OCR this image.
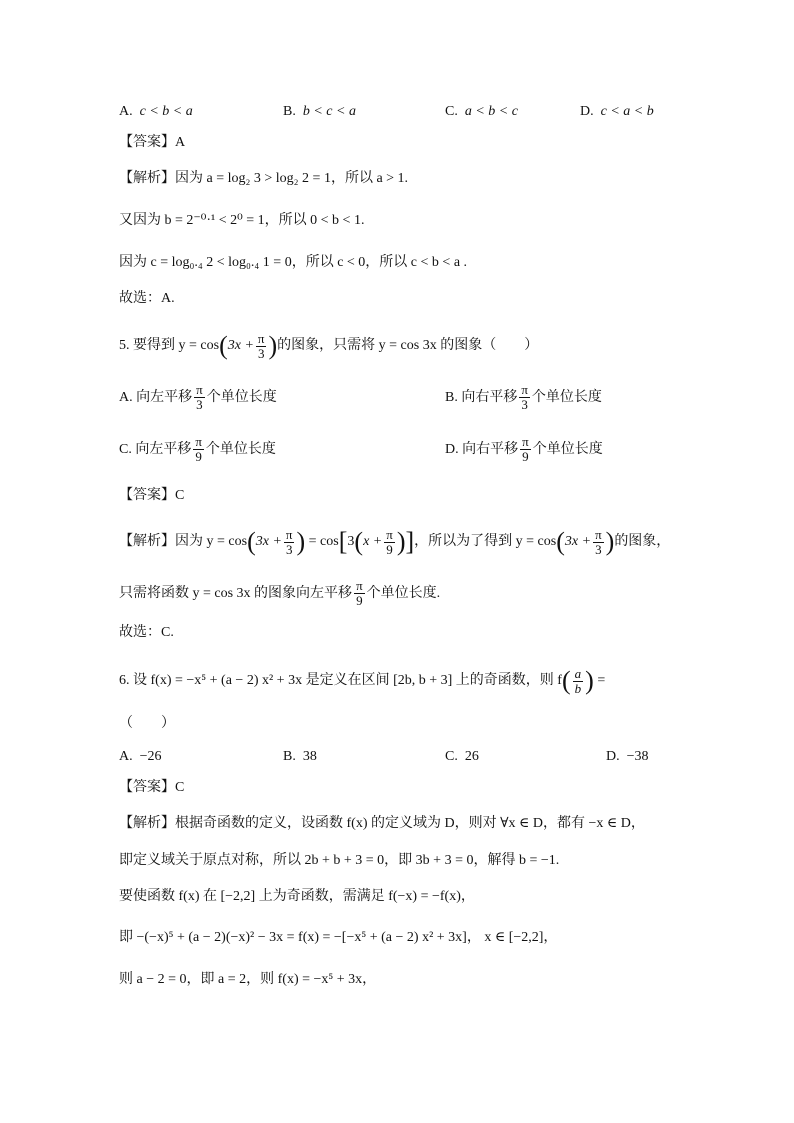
A. c < b < a	B. b < c < a	C. a < b < c	D. c < a < b
【答案】A
【解析】因为 a = log₂ 3 > log₂ 2 = 1，所以 a > 1.
又因为 b = 2⁻⁰·¹ < 2⁰ = 1，所以 0 < b < 1.
因为 c = log₀.₄ 2 < log₀.₄ 1 = 0，所以 c < 0，所以 c < b < a .
故选：A.
5. 要得到 $y = \cos(3x + \frac{\pi}{3}$ )的图象，只需将 y = cos 3x 的图象（　　）
A. 向左平移 $\frac{\pi}{3}$ 个单位长度	B. 向右平移 $\frac{\pi}{3}$ 个单位长度
C. 向左平移 $\frac{\pi}{9}$ 个单位长度	D. 向右平移 $\frac{\pi}{9}$ 个单位长度
【答案】C
【解析】因为 $y = \cos(3x + \frac{\pi}{3}$ ) = $\cos[3(x + \frac{\pi}{9}$ )]，所以为了得到 $y = \cos(3x + \frac{\pi}{3}$ )的图象，
只需将函数 y = cos 3x 的图象向左平移 $\frac{\pi}{9}$ 个单位长度.
故选：C.
6. 设 f(x) = −x⁵ + (a − 2) x² + 3x 是定义在区间 [2b, b + 3] 上的奇函数，则 $f( \frac{a}{b}$ ) =
（　　）
A. −26	B. 38	C. 26	D. −38
【答案】C
【解析】根据奇函数的定义，设函数 f(x) 的定义域为 D，则对 ∀x ∈ D，都有 −x ∈ D，
即定义域关于原点对称，所以 2b + b + 3 = 0，即 3b + 3 = 0，解得 b = −1.
要使函数 f(x) 在 [−2,2] 上为奇函数，需满足 f(−x) = −f(x)，
即 −(−x)⁵ + (a − 2)(−x)² − 3x = f(x) = −[−x⁵ + (a − 2) x² + 3x]， x ∈ [−2,2]，
则 a − 2 = 0，即 a = 2，则 f(x) = −x⁵ + 3x，
